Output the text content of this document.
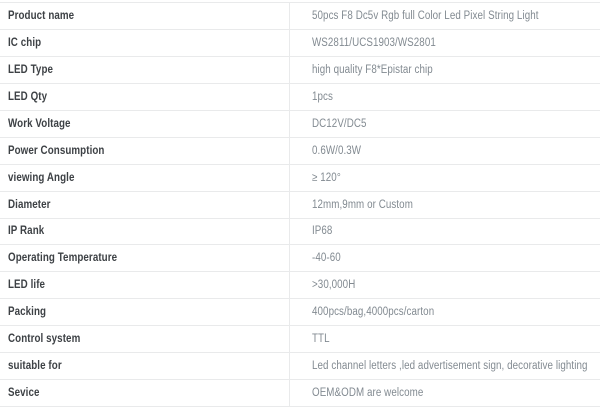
Product name	50pcs F8 Dc5v Rgb full Color Led Pixel String Light
IC chip	WS2811/UCS1903/WS2801
LED Type	high quality F8*Epistar chip
LED Qty	1pcs
Work Voltage	DC12V/DC5
Power Consumption	0.6W/0.3W
viewing Angle	≥ 120°
Diameter	12mm,9mm or Custom
IP Rank	IP68
Operating Temperature	-40-60
LED life	>30,000H
Packing	400pcs/bag,4000pcs/carton
Control system	TTL
suitable for	Led channel letters ,led advertisement sign, decorative lighting
Sevice	OEM&ODM are welcome
